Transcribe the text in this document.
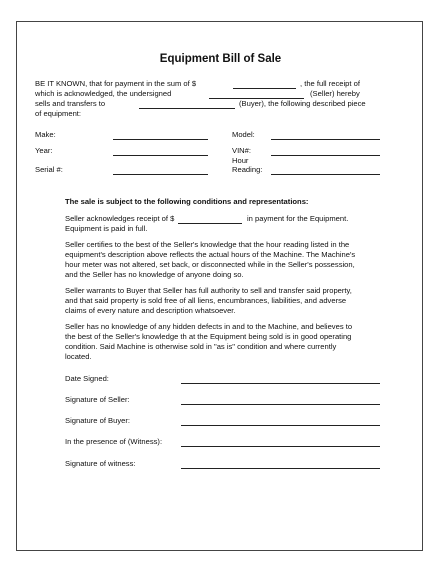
Equipment Bill of Sale
BE IT KNOWN, that for payment in the sum of $	, the full receipt of
which is acknowledged, the undersigned	(Seller) hereby
sells and transfers to	(Buyer), the following described piece
of equipment:
Make:	Model:
Year:	VIN#:
Hour
Serial #:	Reading:
The sale is subject to the following conditions and representations:
Seller acknowledges receipt of $	in payment for the Equipment.
Equipment is paid in full.
Seller certifies to the best of the Seller's knowledge that the hour reading listed in the
equipment's description above reflects the actual hours of the Machine. The Machine's
hour meter was not altered, set back, or disconnected while in the Seller's possession,
and the Seller has no knowledge of anyone doing so.
Seller warrants to Buyer that Seller has full authority to sell and transfer said property,
and that said property is sold free of all liens, encumbrances, liabilities, and adverse
claims of every nature and description whatsoever.
Seller has no knowledge of any hidden defects in and to the Machine, and believes to
the best of the Seller's knowledge th at the Equipment being sold is in good operating
condition. Said Machine is otherwise sold in "as is" condition and where currently
located.
Date Signed:
Signature of Seller:
Signature of Buyer:
In the presence of (Witness):
Signature of witness:
